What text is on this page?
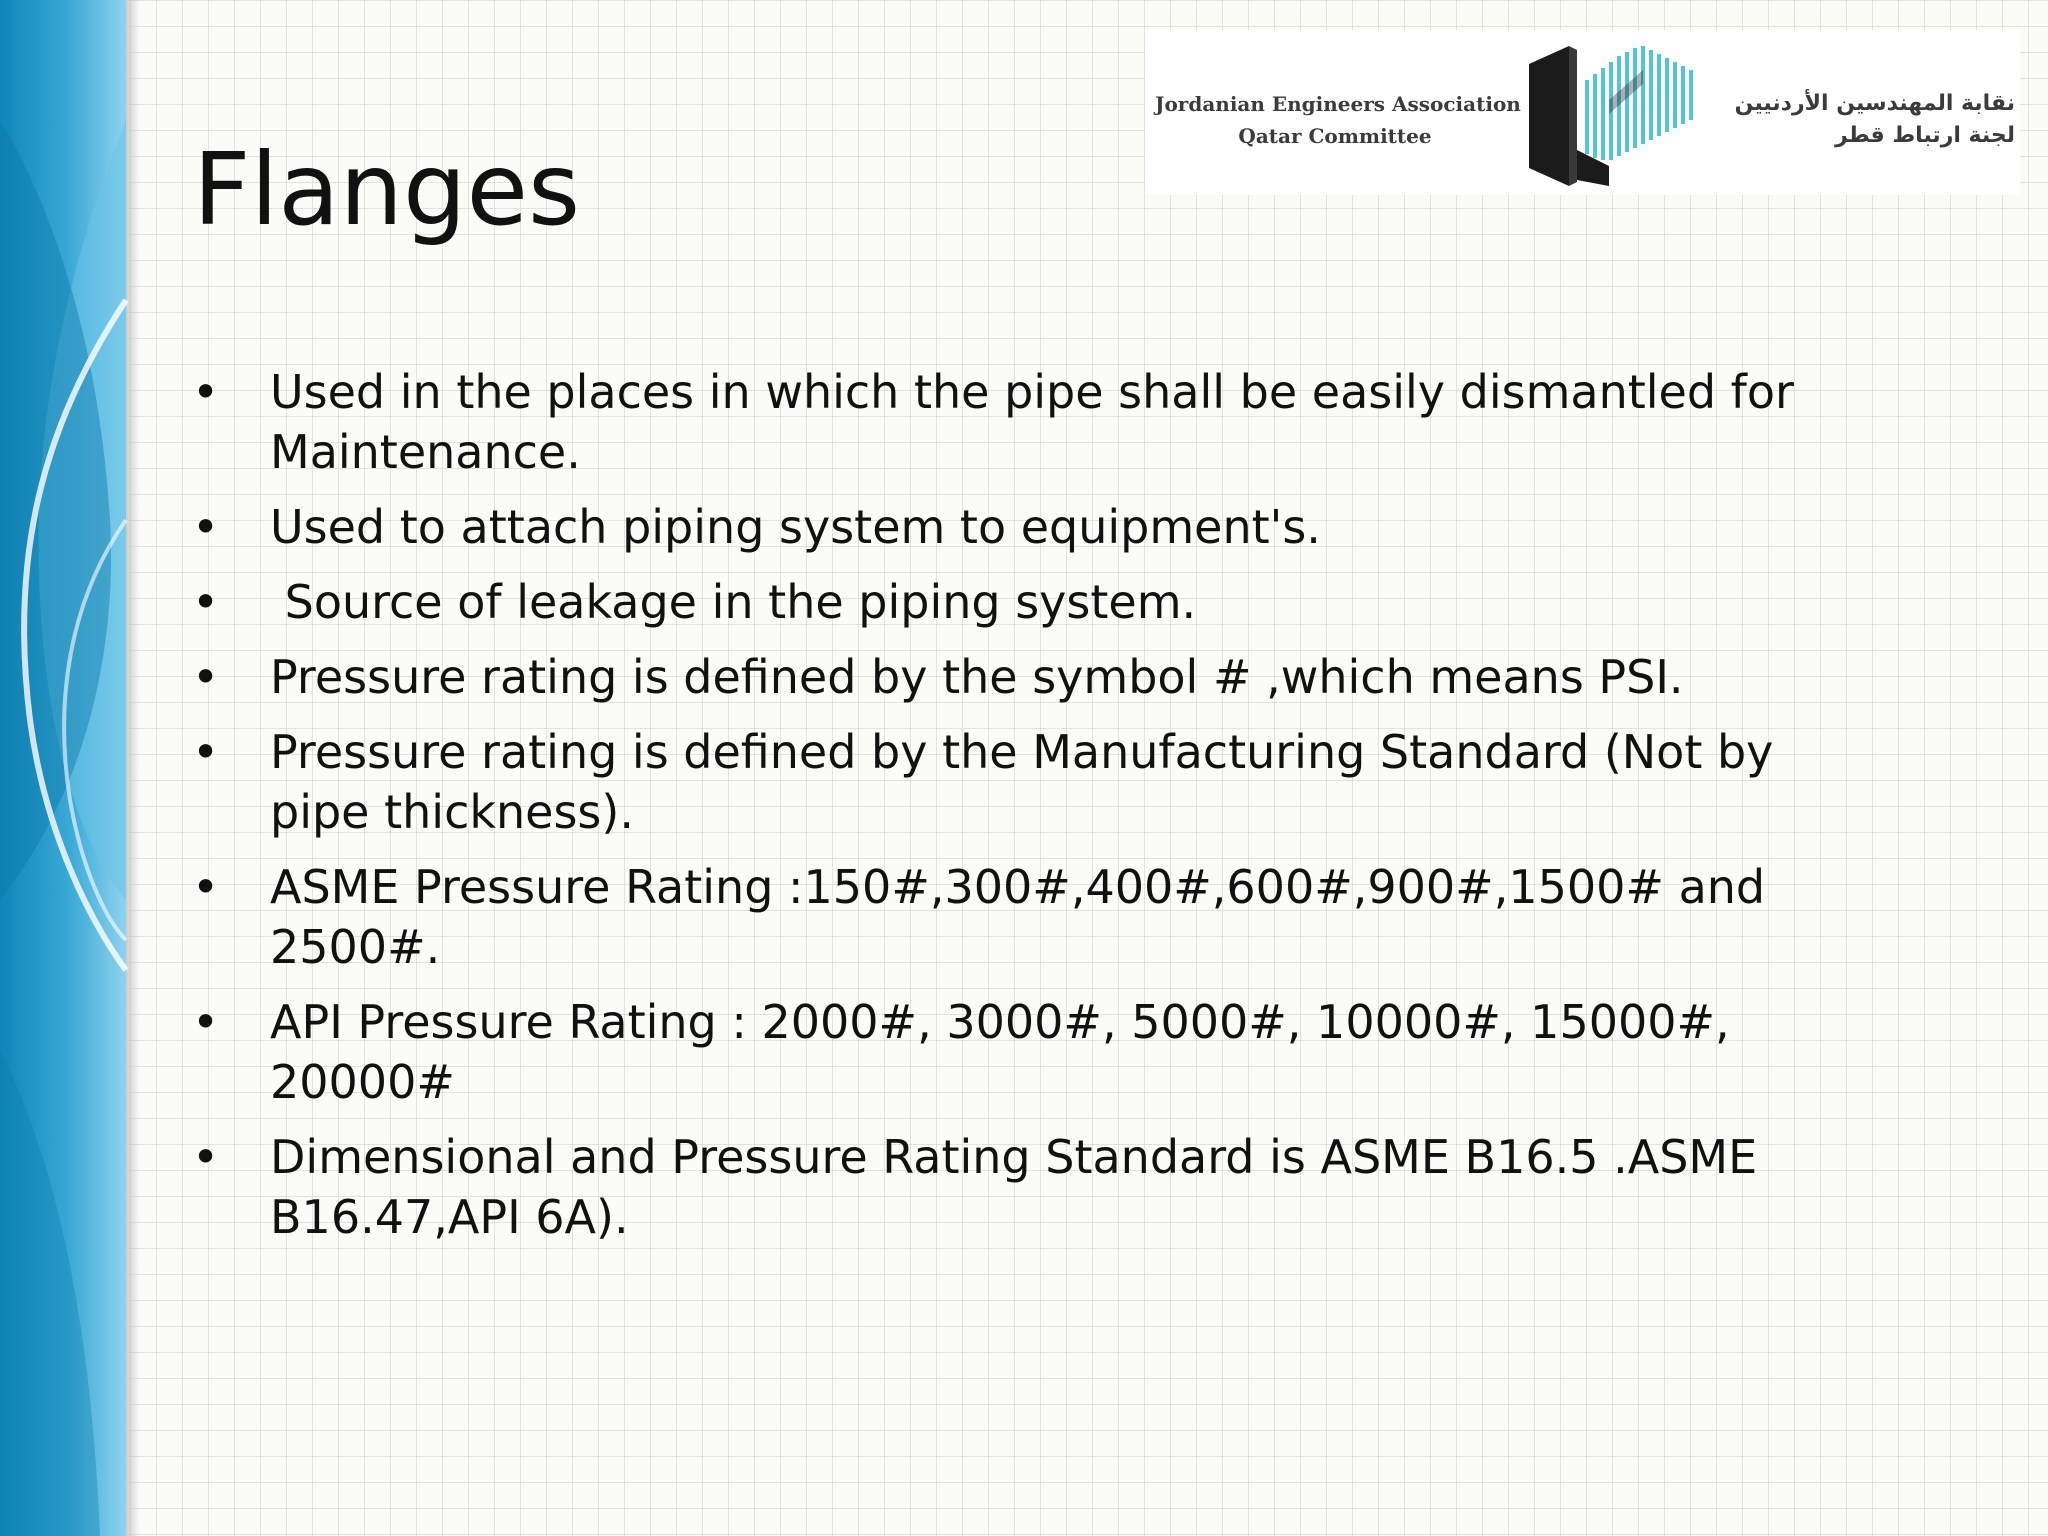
Jordanian Engineers Association
Qatar Committee
نقابة المهندسين الأردنيين
لجنة ارتباط قطر
Flanges
• Used in the places in which the pipe shall be easily dismantled for
Maintenance.
• Used to attach piping system to equipment's.
• Source of leakage in the piping system.
• Pressure rating is defined by the symbol # ,which means PSI.
• Pressure rating is defined by the Manufacturing Standard (Not by
pipe thickness).
• ASME Pressure Rating :150#,300#,400#,600#,900#,1500# and
2500#.
• API Pressure Rating : 2000#, 3000#, 5000#, 10000#, 15000#,
20000#
• Dimensional and Pressure Rating Standard is ASME B16.5 .ASME
B16.47,API 6A).
